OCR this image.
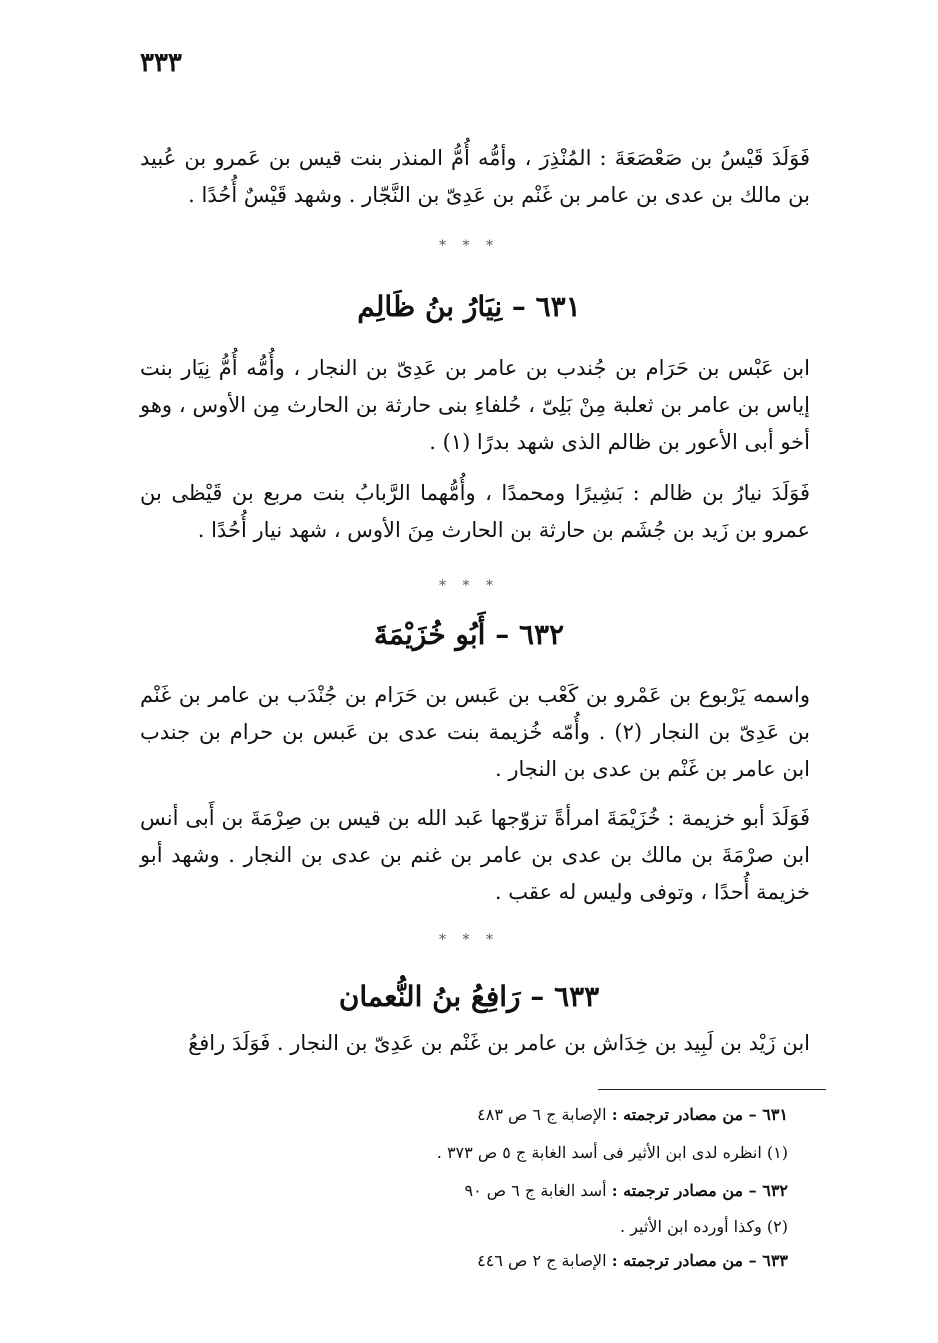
٣٣٣

فَوَلَدَ قَيْسُ بن صَعْصَعَةَ : المُنْذِرَ ، وأمُّه أُمُّ المنذر بنت قيس بن عَمرو بن عُبيد بن مالك بن عدى بن عامر بن غَنْم بن عَدِىّ بن النَّجّار . وشهد قَيْسٌ أُحُدًا .

* * *
٦٣١ – نِيَارُ بنُ ظَالِم

ابن عَبْس بن حَرَام بن جُندب بن عامر بن عَدِىّ بن النجار ، وأُمُّه أُمُّ نِيَار بنت إياس بن عامر بن ثعلبة مِنْ بَلِىّ ، حُلفاءِ بنى حارثة بن الحارث مِن الأوس ، وهو أخو أبى الأعور بن ظالم الذى شهد بدرًا (١) .

فَوَلَدَ نيارُ بن ظالم : بَشِيرًا ومحمدًا ، وأُمُّهما الرَّبابُ بنت مربع بن قَيْظى بن عمرو بن زَيد بن جُشَم بن حارثة بن الحارث مِنَ الأوس ، شهد نيار أُحُدًا .

* * *
٦٣٢ – أَبُو خُزَيْمَةَ

واسمه يَرْبوع بن عَمْرو بن كَعْب بن عَبس بن حَرَام بن جُنْدَب بن عامر بن غَنْم بن عَدِىّ بن النجار (٢) . وأُمّه خُزيمة بنت عدى بن عَبس بن حرام بن جندب ابن عامر بن غَنْم بن عدى بن النجار .

فَوَلَدَ أبو خزيمة : خُزَيْمَةَ امرأةً تزوّجها عَبد الله بن قيس بن صِرْمَةَ بن أَبى أنس ابن صرْمَةَ بن مالك بن عدى بن عامر بن غنم بن عدى بن النجار . وشهد أبو خزيمة أُحدًا ، وتوفى وليس له عقب .

* * *
٦٣٣ – رَافِعُ بنُ النُّعمان

ابن زَيْد بن لَبِيد بن خِدَاش بن عامر بن غَنْم بن عَدِىّ بن النجار . فَوَلَدَ رافعُ

٦٣١ – من مصادر ترجمته : الإصابة ج ٦ ص ٤٨٣
(١) انظره لدى ابن الأثير فى أسد الغابة ج ٥ ص ٣٧٣ .
٦٣٢ – من مصادر ترجمته : أسد الغابة ج ٦ ص ٩٠
(٢) وكذا أورده ابن الأثير .
٦٣٣ – من مصادر ترجمته : الإصابة ج ٢ ص ٤٤٦
